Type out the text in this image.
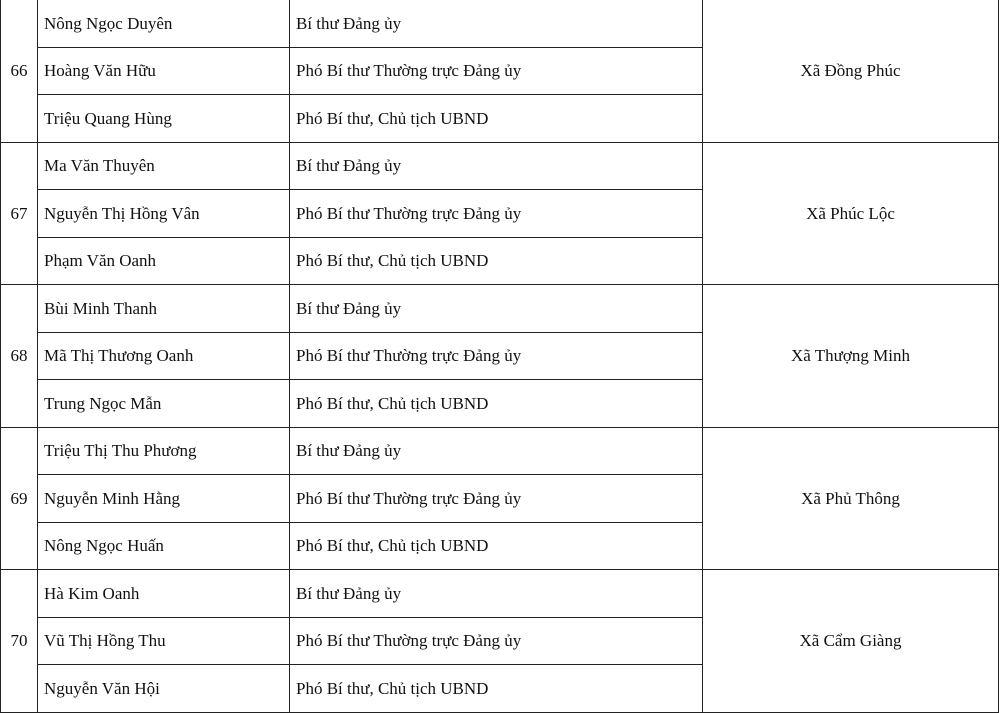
66	Nông Ngọc Duyên	Bí thư Đảng ủy	Xã Đồng Phúc
	Hoàng Văn Hữu	Phó Bí thư Thường trực Đảng ủy	
	Triệu Quang Hùng	Phó Bí thư, Chủ tịch UBND	
67	Ma Văn Thuyên	Bí thư Đảng ủy	Xã Phúc Lộc
	Nguyễn Thị Hồng Vân	Phó Bí thư Thường trực Đảng ủy	
	Phạm Văn Oanh	Phó Bí thư, Chủ tịch UBND	
68	Bùi Minh Thanh	Bí thư Đảng ủy	Xã Thượng Minh
	Mã Thị Thương Oanh	Phó Bí thư Thường trực Đảng ủy	
	Trung Ngọc Mẫn	Phó Bí thư, Chủ tịch UBND	
69	Triệu Thị Thu Phương	Bí thư Đảng ủy	Xã Phủ Thông
	Nguyễn Minh Hằng	Phó Bí thư Thường trực Đảng ủy	
	Nông Ngọc Huấn	Phó Bí thư, Chủ tịch UBND	
70	Hà Kim Oanh	Bí thư Đảng ủy	Xã Cẩm Giàng
	Vũ Thị Hồng Thu	Phó Bí thư Thường trực Đảng ủy	
	Nguyễn Văn Hội	Phó Bí thư, Chủ tịch UBND	
